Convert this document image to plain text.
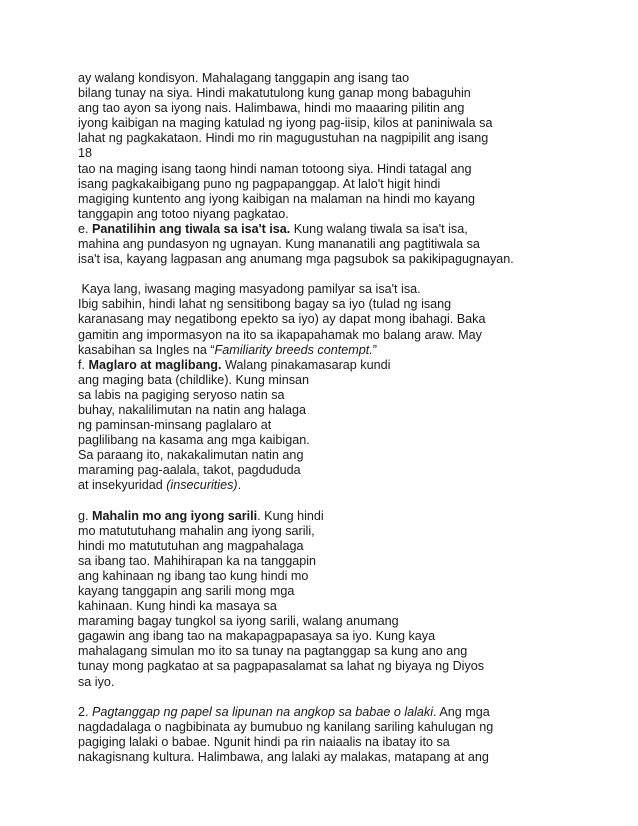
ay walang kondisyon. Mahalagang tanggapin ang isang tao
bilang tunay na siya. Hindi makatutulong kung ganap mong babaguhin
ang tao ayon sa iyong nais. Halimbawa, hindi mo maaaring pilitin ang
iyong kaibigan na maging katulad ng iyong pag-iisip, kilos at paniniwala sa
lahat ng pagkakataon. Hindi mo rin magugustuhan na nagpipilit ang isang
18
tao na maging isang taong hindi naman totoong siya. Hindi tatagal ang
isang pagkakaibigang puno ng pagpapanggap. At lalo't higit hindi
magiging kuntento ang iyong kaibigan na malaman na hindi mo kayang
tanggapin ang totoo niyang pagkatao.
e. Panatilihin ang tiwala sa isa't isa. Kung walang tiwala sa isa't isa,
mahina ang pundasyon ng ugnayan. Kung mananatili ang pagtitiwala sa
isa't isa, kayang lagpasan ang anumang mga pagsubok sa pakikipagugnayan.
Kaya lang, iwasang maging masyadong pamilyar sa isa't isa.
Ibig sabihin, hindi lahat ng sensitibong bagay sa iyo (tulad ng isang
karanasang may negatibong epekto sa iyo) ay dapat mong ibahagi. Baka
gamitin ang impormasyon na ito sa ikapapahamak mo balang araw. May
kasabihan sa Ingles na “Familiarity breeds contempt.”
f. Maglaro at maglibang. Walang pinakamasarap kundi
ang maging bata (childlike). Kung minsan
sa labis na pagiging seryoso natin sa
buhay, nakalilimutan na natin ang halaga
ng paminsan-minsang paglalaro at
paglilibang na kasama ang mga kaibigan.
Sa paraang ito, nakakalimutan natin ang
maraming pag-aalala, takot, pagdududa
at insekyuridad (insecurities).
g. Mahalin mo ang iyong sarili. Kung hindi
mo matututuhang mahalin ang iyong sarili,
hindi mo matututuhan ang magpahalaga
sa ibang tao. Mahihirapan ka na tanggapin
ang kahinaan ng ibang tao kung hindi mo
kayang tanggapin ang sarili mong mga
kahinaan. Kung hindi ka masaya sa
maraming bagay tungkol sa iyong sarili, walang anumang
gagawin ang ibang tao na makapagpapasaya sa iyo. Kung kaya
mahalagang simulan mo ito sa tunay na pagtanggap sa kung ano ang
tunay mong pagkatao at sa pagpapasalamat sa lahat ng biyaya ng Diyos
sa iyo.
2. Pagtanggap ng papel sa lipunan na angkop sa babae o lalaki. Ang mga
nagdadalaga o nagbibinata ay bumubuo ng kanilang sariling kahulugan ng
pagiging lalaki o babae. Ngunit hindi pa rin naiaalis na ibatay ito sa
nakagisnang kultura. Halimbawa, ang lalaki ay malakas, matapang at ang
